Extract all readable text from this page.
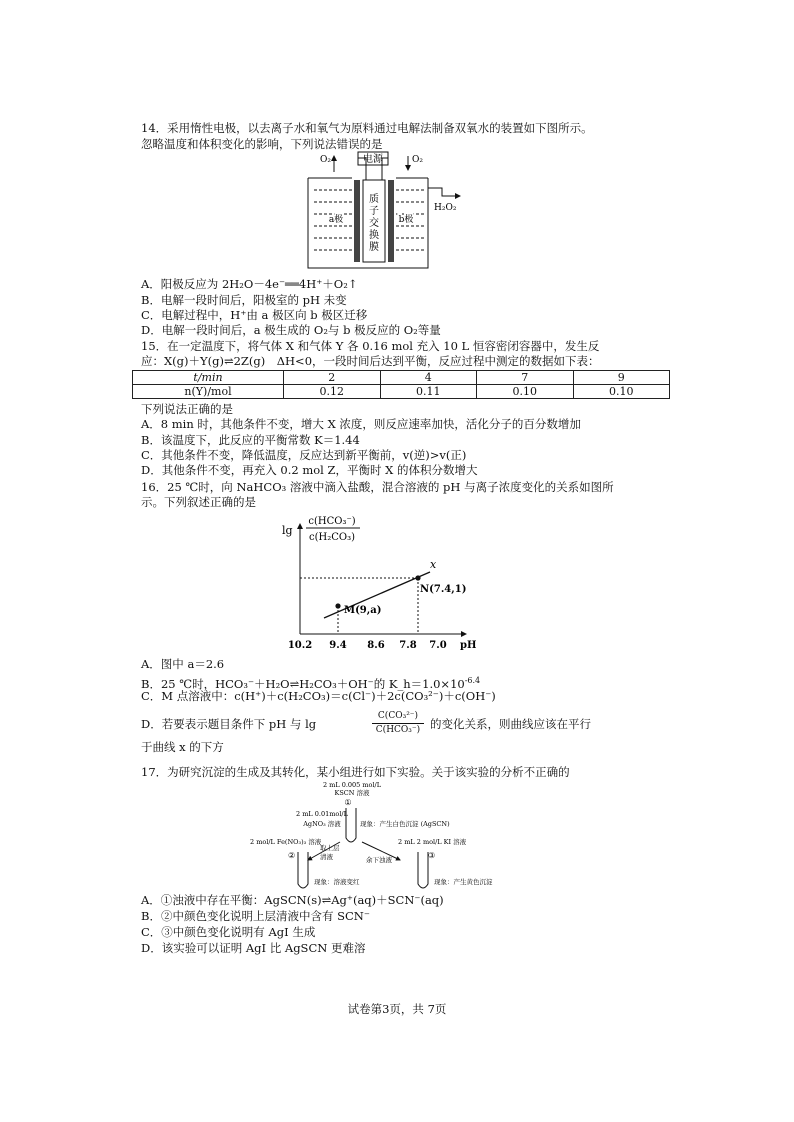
14．采用惰性电极，以去离子水和氧气为原料通过电解法制备双氧水的装置如下图所示。
忽略温度和体积变化的影响，下列说法错误的是
电源
O₂	O₂
H₂O₂
质
子
交
换
膜
a极	b极
A．阳极反应为 2H₂O－4e⁻══4H⁺＋O₂↑
B．电解一段时间后，阳极室的 pH 未变
C．电解过程中，H⁺由 a 极区向 b 极区迁移
D．电解一段时间后，a 极生成的 O₂与 b 极反应的 O₂等量
15．在一定温度下，将气体 X 和气体 Y 各 0.16 mol 充入 10 L 恒容密闭容器中，发生反
应：X(g)＋Y(g)⇌2Z(g)　ΔH<0，一段时间后达到平衡，反应过程中测定的数据如下表：
t/min	2	4	7	9
n(Y)/mol	0.12	0.11	0.10	0.10
下列说法正确的是
A．8 min 时，其他条件不变，增大 X 浓度，则反应速率加快，活化分子的百分数增加
B．该温度下，此反应的平衡常数 K＝1.44
C．其他条件不变，降低温度，反应达到新平衡前，v(逆)>v(正)
D．其他条件不变，再充入 0.2 mol Z，平衡时 X 的体积分数增大
16．25 ℃时，向 NaHCO₃ 溶液中滴入盐酸，混合溶液的 pH 与离子浓度变化的关系如图所
示。下列叙述正确的是
lg
c(HCO₃⁻)
c(H₂CO₃)
x
N(7.4,1)
M(9,a)
10.2 9.4 8.6 7.8 7.0 pH
A．图中 a＝2.6
B．25 ℃时，HCO₃⁻＋H₂O⇌H₂CO₃＋OH⁻的 $K\_h=1.0\times 10^{-6.4}$
C．M 点溶液中：c(H⁺)＋c(H₂CO₃)＝c(Cl⁻)＋2c(CO₃²⁻)＋c(OH⁻)
D．若要表示题目条件下 pH 与 lg
C(CO₃²⁻)
C(HCO₃⁻) 的变化关系，则曲线应该在平行
于曲线 x 的下方
17．为研究沉淀的生成及其转化，某小组进行如下实验。关于该实验的分析不正确的
2 mL 0.005 mol/L
KSCN 溶液
①
2 mL 0.01mol/L
AgNO₃ 溶液	现象：产生白色沉淀 (AgSCN)
取上层
清液	余下浊液
2 mol/L Fe(NO₃)₃ 溶液	2 mL 2 mol/L KI 溶液
②	③
现象：溶液变红	现象：产生黄色沉淀
A．①浊液中存在平衡：AgSCN(s)⇌Ag⁺(aq)＋SCN⁻(aq)
B．②中颜色变化说明上层清液中含有 SCN⁻
C．③中颜色变化说明有 AgI 生成
D．该实验可以证明 AgI 比 AgSCN 更难溶
试卷第3页，共 7页
